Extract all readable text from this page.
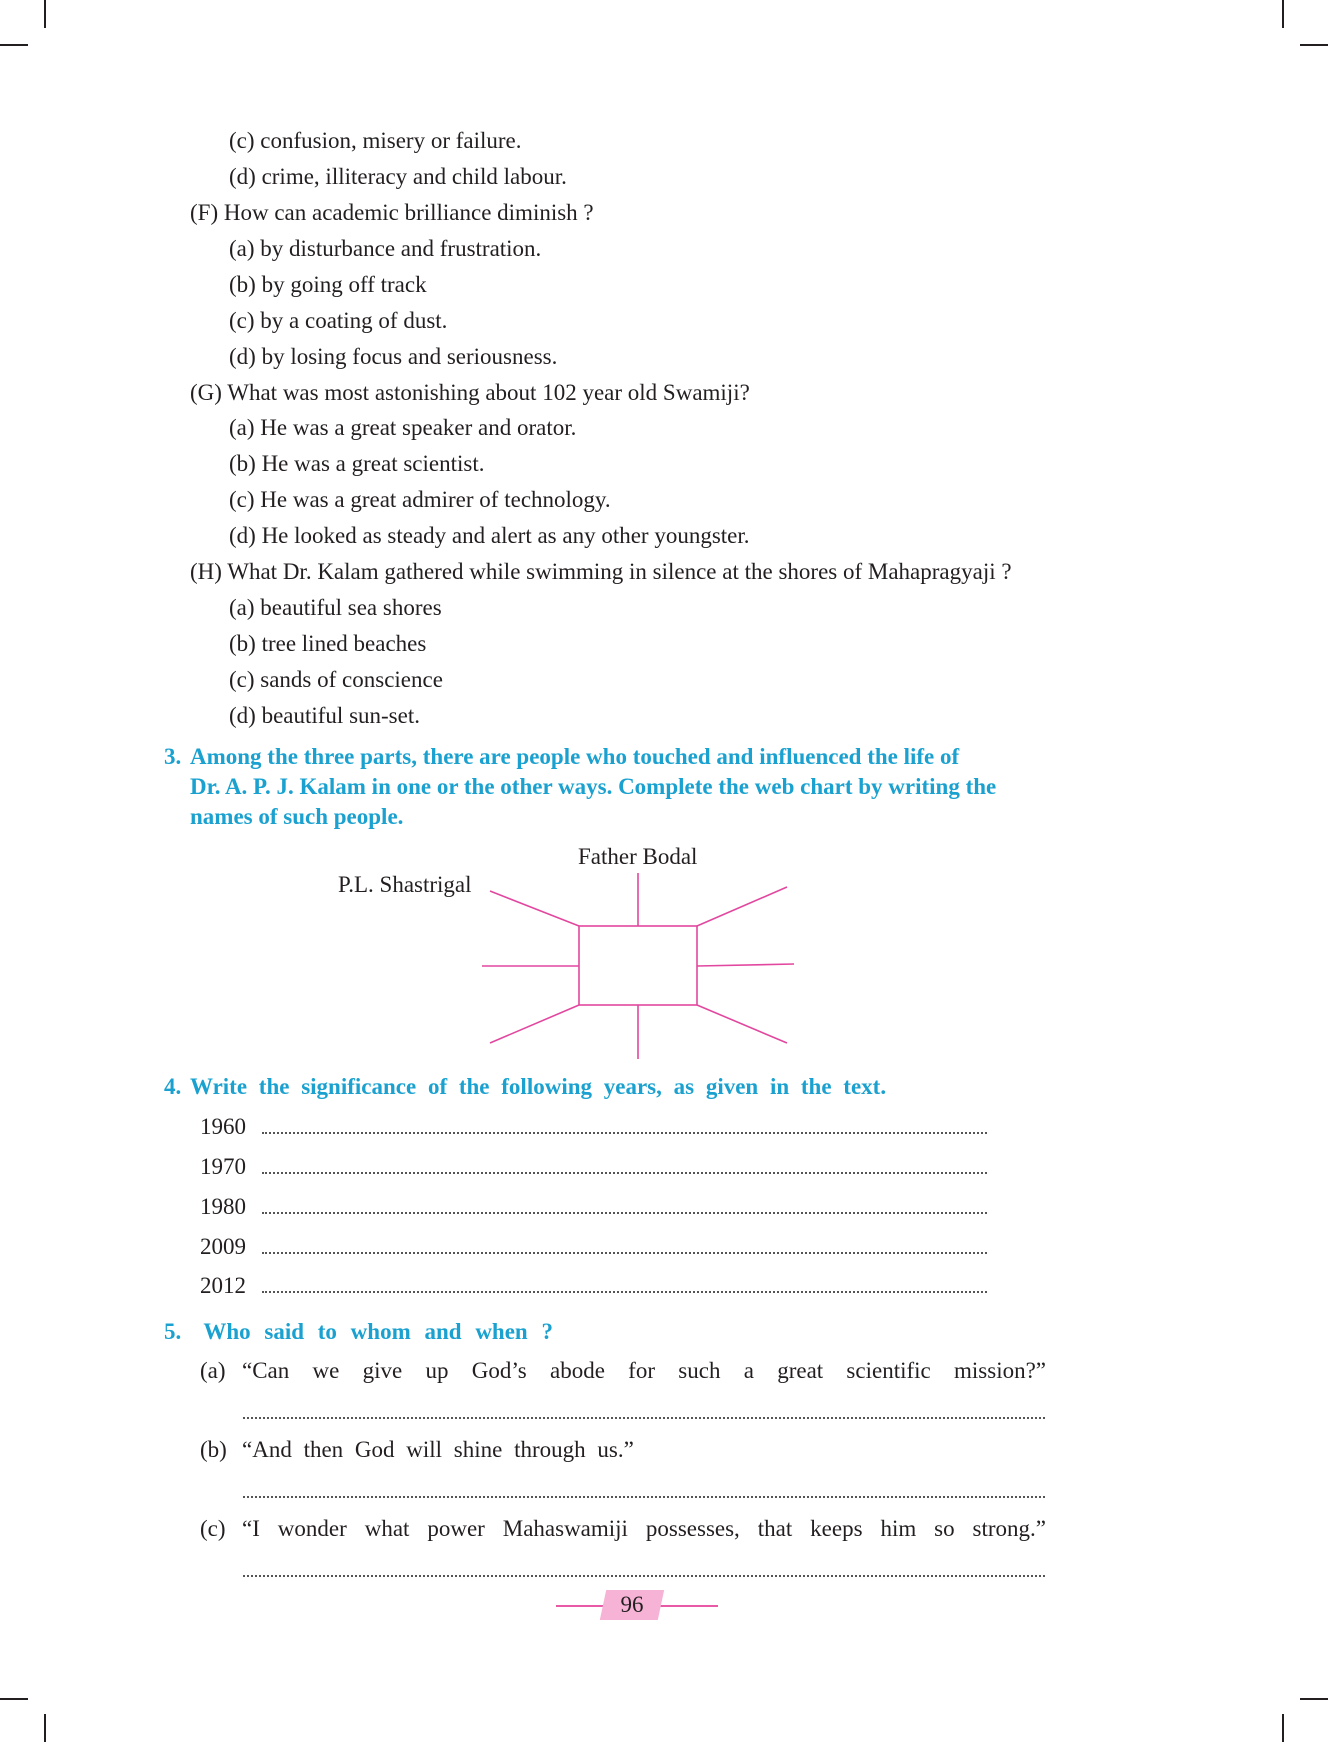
(c) confusion, misery or failure.
(d) crime, illiteracy and child labour.
(F) How can academic brilliance diminish ?
(a) by disturbance and frustration.
(b) by going off track
(c) by a coating of dust.
(d) by losing focus and seriousness.
(G) What was most astonishing about 102 year old Swamiji?
(a) He was a great speaker and orator.
(b) He was a great scientist.
(c) He was a great admirer of technology.
(d) He looked as steady and alert as any other youngster.
(H) What Dr. Kalam gathered while swimming in silence at the shores of Mahapragyaji ?
(a) beautiful sea shores
(b) tree lined beaches
(c) sands of conscience
(d) beautiful sun-set.
3. Among the three parts, there are people who touched and influenced the life of
Dr. A. P. J. Kalam in one or the other ways. Complete the web chart by writing the
names of such people.
Father Bodal
P.L. Shastrigal
4. Write the significance of the following years, as given in the text.
1960
1970
1980
2009
2012
5. Who said to whom and when ?
(a) “Can we give up God’s abode for such a great scientific mission?”
(b) “And then God will shine through us.”
(c) “I wonder what power Mahaswamiji possesses, that keeps him so strong.”
96
